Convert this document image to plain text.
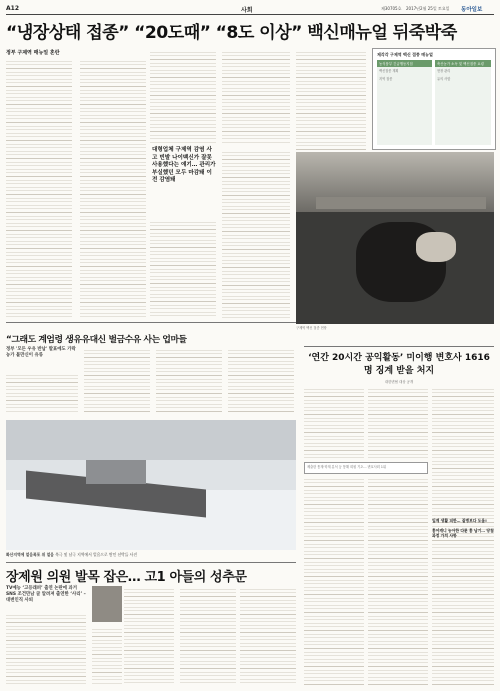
A12	사회	제30705호 2017년2월 25일 토요일 동아일보
“냉장상태 접종” “20도때” “8도 이상” 백신매뉴얼 뒤죽박죽
정부 구제역 매뉴얼 혼란
대형업체 구제역 감염 사고 빈발 나이백신가 잘못 사용했다는 얘기… 관리가 부실했던 모두 마감돼 이전 감염돼
제각각 구제역 백신 접종 매뉴얼
농식품부 긴급행동지침
백신접종 계획
지역 접종
축산농가 소독 및 백신접종 요령
현장 관리
유의 사항
구제역 백신 접종 현장
“그래도 계엄령 생유유대신 벌금수유 사는 업마들
정부 '모든 우유 반납' 발표에도 가락농가 불만신이 유류
화산지역에 얼음폭포 위 얼음 북극 및 남극 지역에서 얼음으로 쌓인 선박들 사진
장제원 의원 발목 잡은… 고1 아들의 성추문
TV예능 ‘고등래퍼’ 출연 논란에 과거 SNS 조건만남 글 알려져 출연한 ‘사리’ – 대변인직 사퇴
‘연간 20시간 공익활동’ 미이행 변호사 1616명 징계 받을 처지
대한변협 대상 공개
제출한 통계·학계 분석 등 통해 회원 기초… 변호사회 1위
입계 생활 피한… 질병보다 도움!
흥어캐니 농아한 다룬 흥 남기… 당첨 과정 가치 사항
